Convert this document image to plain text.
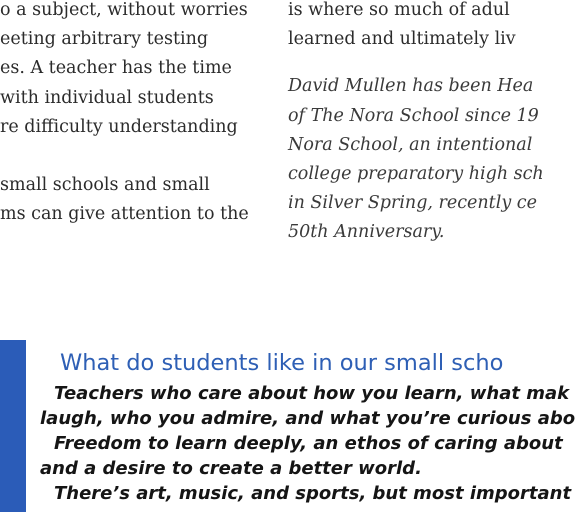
o a subject, without worries
eeting arbitrary testing
es. A teacher has the time
with individual students
re difficulty understanding
small schools and small
ms can give attention to the
is where so much of adul
learned and ultimately liv
David Mullen has been Hea
of The Nora School since 19
Nora School, an intentional
college preparatory high sch
in Silver Spring, recently ce
50th Anniversary.
What do students like in our small scho
Teachers who care about how you learn, what mak
laugh, who you admire, and what you’re curious abo
Freedom to learn deeply, an ethos of caring about
and a desire to create a better world.
There’s art, music, and sports, but most important
